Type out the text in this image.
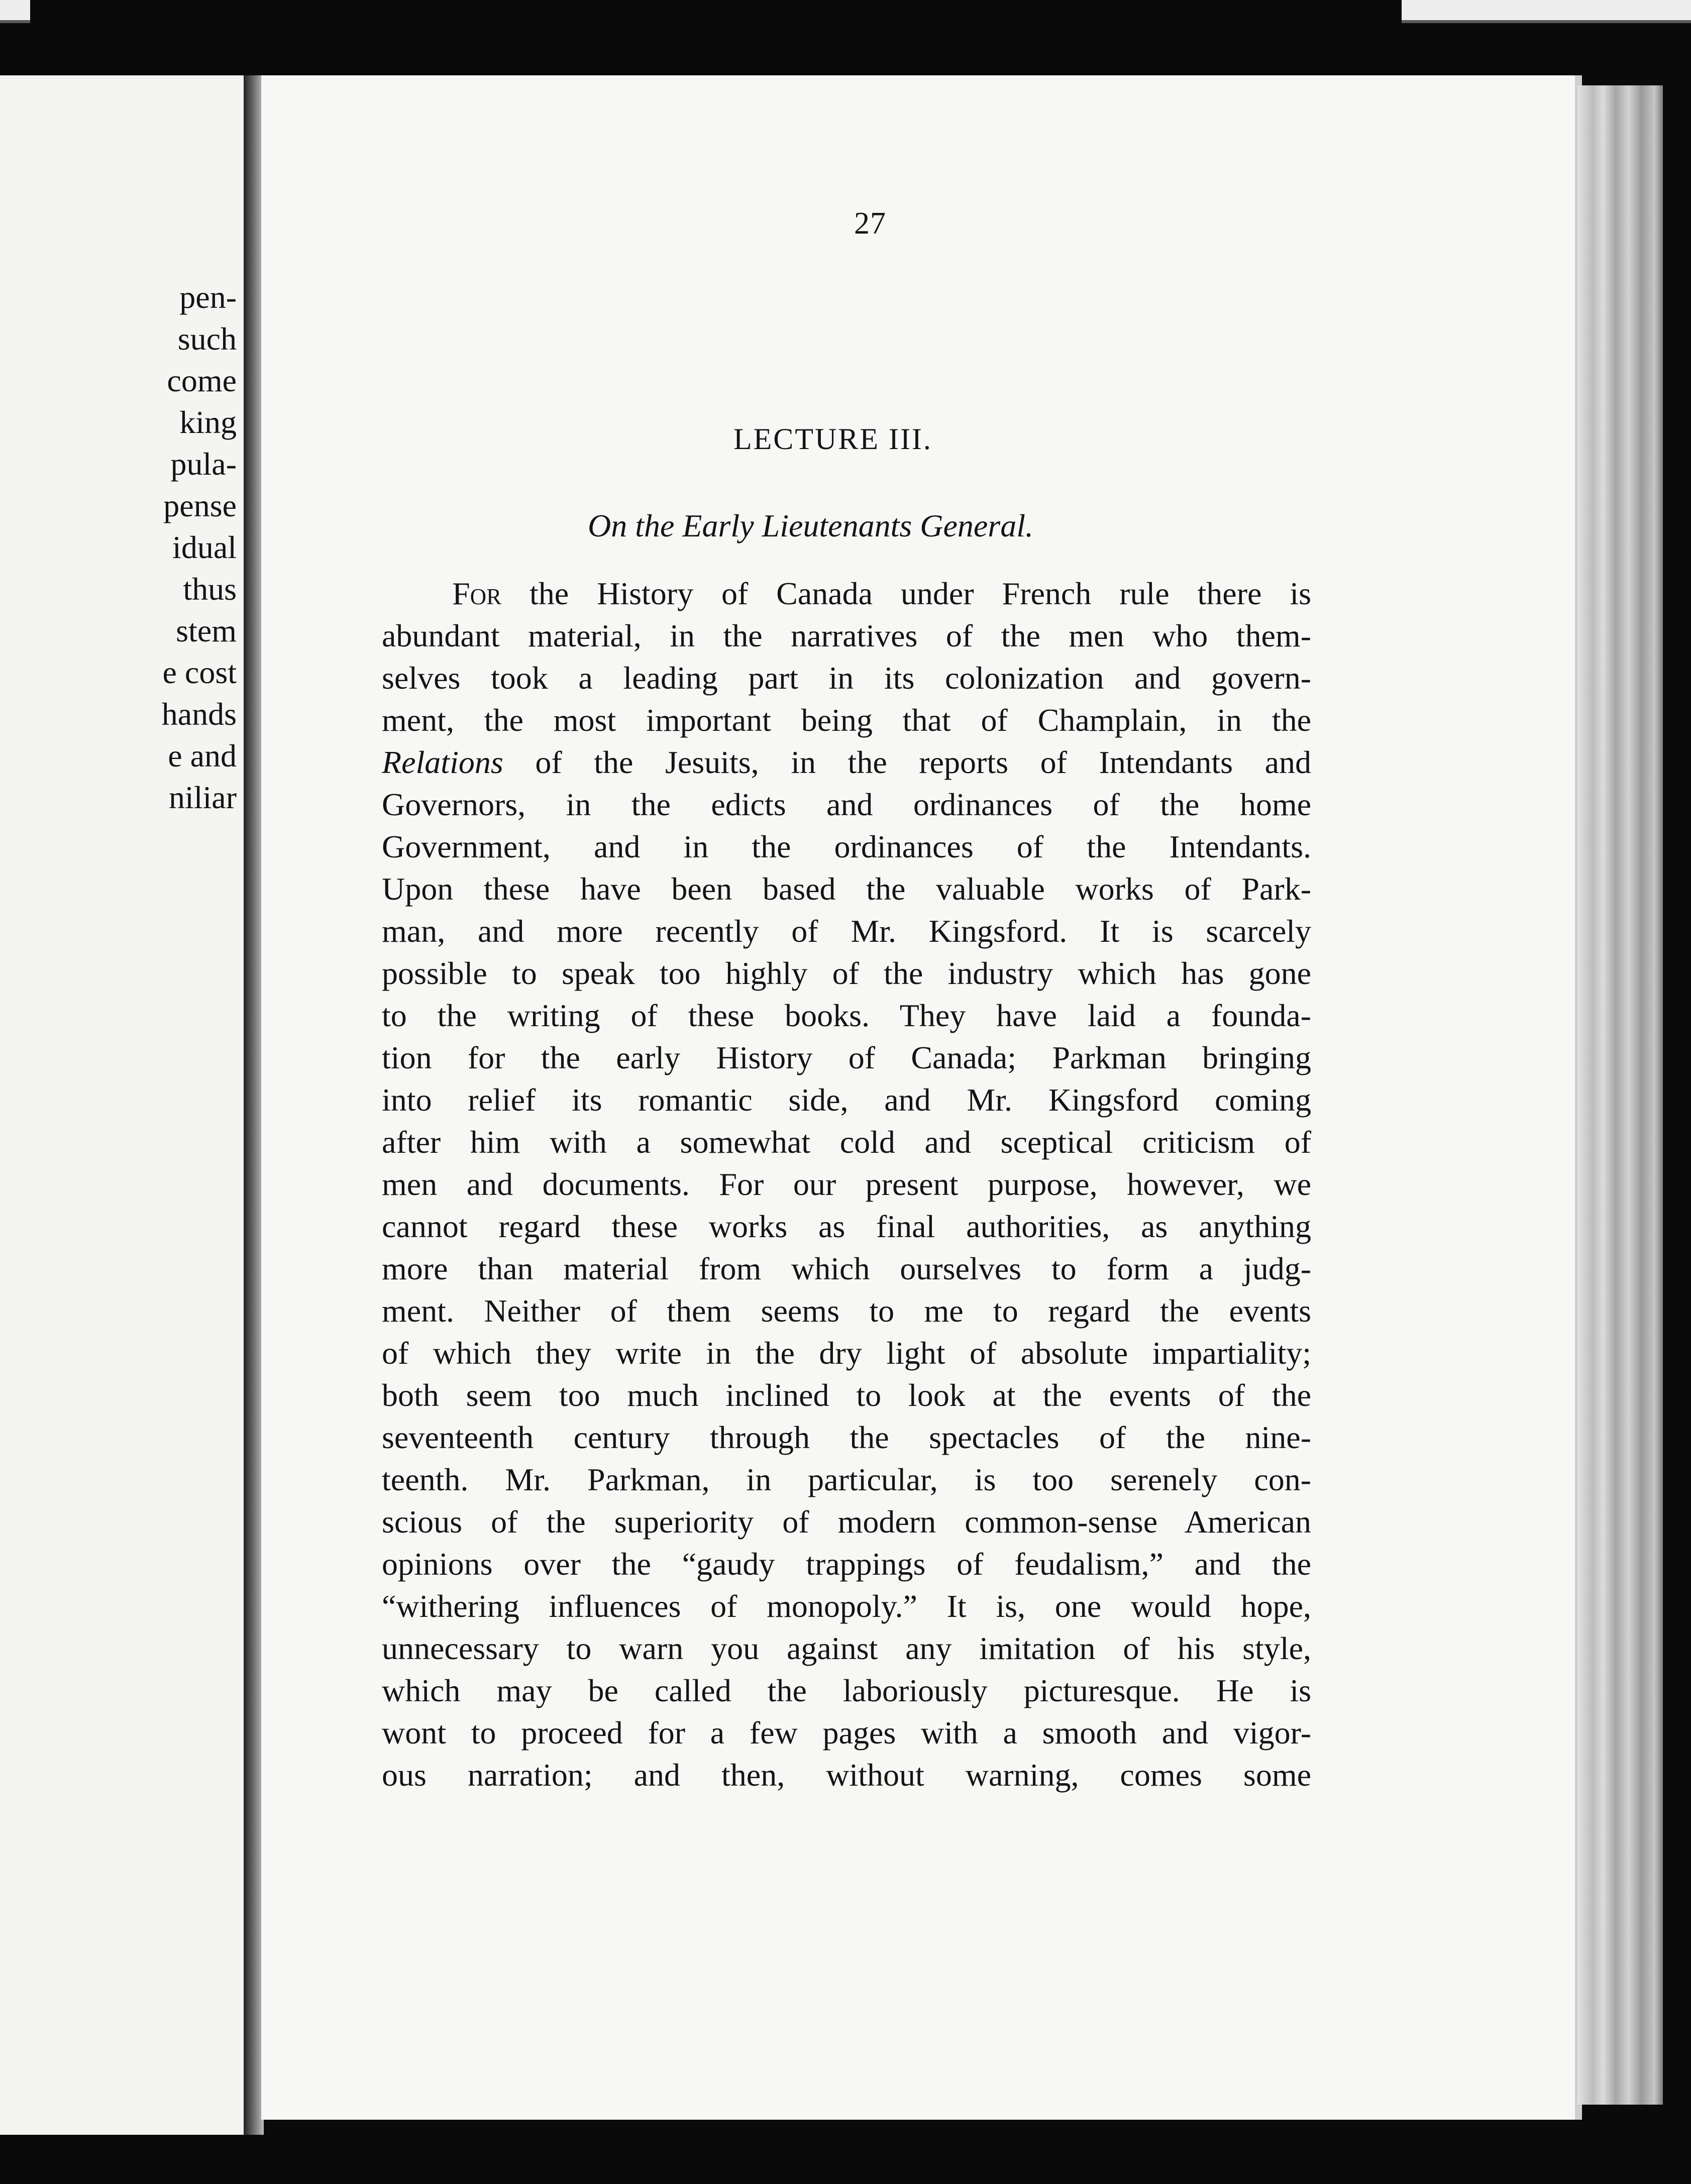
pen-
such
come
king
pula-
pense
idual
thus
stem
e cost
hands
e and
niliar
27
LECTURE III.
On the Early Lieutenants General.
For the History of Canada under French rule there is
abundant material, in the narratives of the men who them-
selves took a leading part in its colonization and govern-
ment, the most important being that of Champlain, in the
Relations of the Jesuits, in the reports of Intendants and
Governors, in the edicts and ordinances of the home
Government, and in the ordinances of the Intendants.
Upon these have been based the valuable works of Park-
man, and more recently of Mr. Kingsford. It is scarcely
possible to speak too highly of the industry which has gone
to the writing of these books. They have laid a founda-
tion for the early History of Canada; Parkman bringing
into relief its romantic side, and Mr. Kingsford coming
after him with a somewhat cold and sceptical criticism of
men and documents. For our present purpose, however, we
cannot regard these works as final authorities, as anything
more than material from which ourselves to form a judg-
ment. Neither of them seems to me to regard the events
of which they write in the dry light of absolute impartiality;
both seem too much inclined to look at the events of the
seventeenth century through the spectacles of the nine-
teenth. Mr. Parkman, in particular, is too serenely con-
scious of the superiority of modern common-sense American
opinions over the “gaudy trappings of feudalism,” and the
“withering influences of monopoly.” It is, one would hope,
unnecessary to warn you against any imitation of his style,
which may be called the laboriously picturesque. He is
wont to proceed for a few pages with a smooth and vigor-
ous narration; and then, without warning, comes some
